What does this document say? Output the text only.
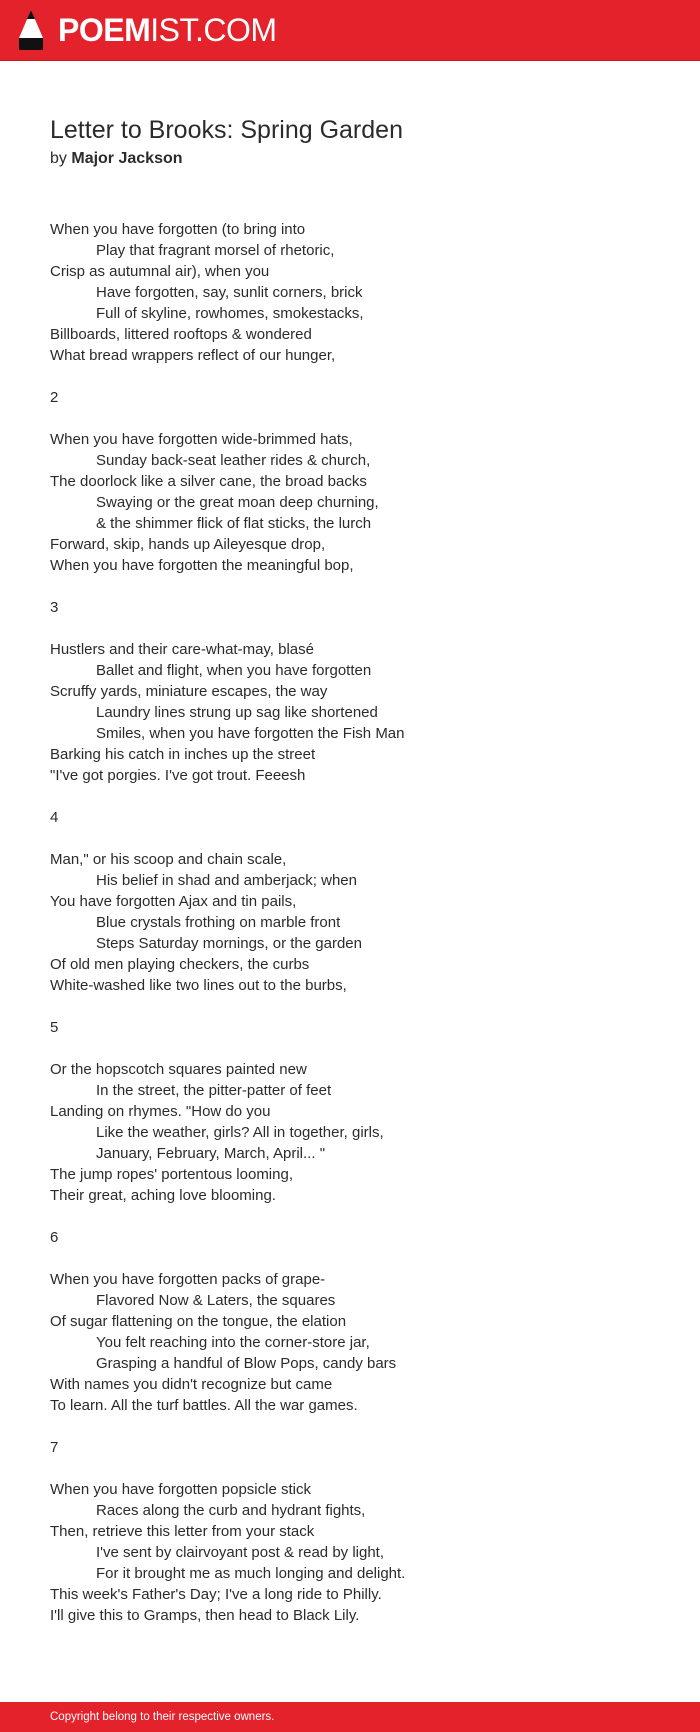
POEMIST.COM
Letter to Brooks: Spring Garden
by Major Jackson
When you have forgotten (to bring into
Play that fragrant morsel of rhetoric,
Crisp as autumnal air), when you
Have forgotten, say, sunlit corners, brick
Full of skyline, rowhomes, smokestacks,
Billboards, littered rooftops & wondered
What bread wrappers reflect of our hunger,
2
When you have forgotten wide-brimmed hats,
Sunday back-seat leather rides & church,
The doorlock like a silver cane, the broad backs
Swaying or the great moan deep churning,
& the shimmer flick of flat sticks, the lurch
Forward, skip, hands up Aileyesque drop,
When you have forgotten the meaningful bop,
3
Hustlers and their care-what-may, blasé
Ballet and flight, when you have forgotten
Scruffy yards, miniature escapes, the way
Laundry lines strung up sag like shortened
Smiles, when you have forgotten the Fish Man
Barking his catch in inches up the street
"I've got porgies. I've got trout. Feeesh
4
Man," or his scoop and chain scale,
His belief in shad and amberjack; when
You have forgotten Ajax and tin pails,
Blue crystals frothing on marble front
Steps Saturday mornings, or the garden
Of old men playing checkers, the curbs
White-washed like two lines out to the burbs,
5
Or the hopscotch squares painted new
In the street, the pitter-patter of feet
Landing on rhymes. "How do you
Like the weather, girls? All in together, girls,
January, February, March, April... "
The jump ropes' portentous looming,
Their great, aching love blooming.
6
When you have forgotten packs of grape-
Flavored Now & Laters, the squares
Of sugar flattening on the tongue, the elation
You felt reaching into the corner-store jar,
Grasping a handful of Blow Pops, candy bars
With names you didn't recognize but came
To learn. All the turf battles. All the war games.
7
When you have forgotten popsicle stick
Races along the curb and hydrant fights,
Then, retrieve this letter from your stack
I've sent by clairvoyant post & read by light,
For it brought me as much longing and delight.
This week's Father's Day; I've a long ride to Philly.
I'll give this to Gramps, then head to Black Lily.
Copyright belong to their respective owners.
